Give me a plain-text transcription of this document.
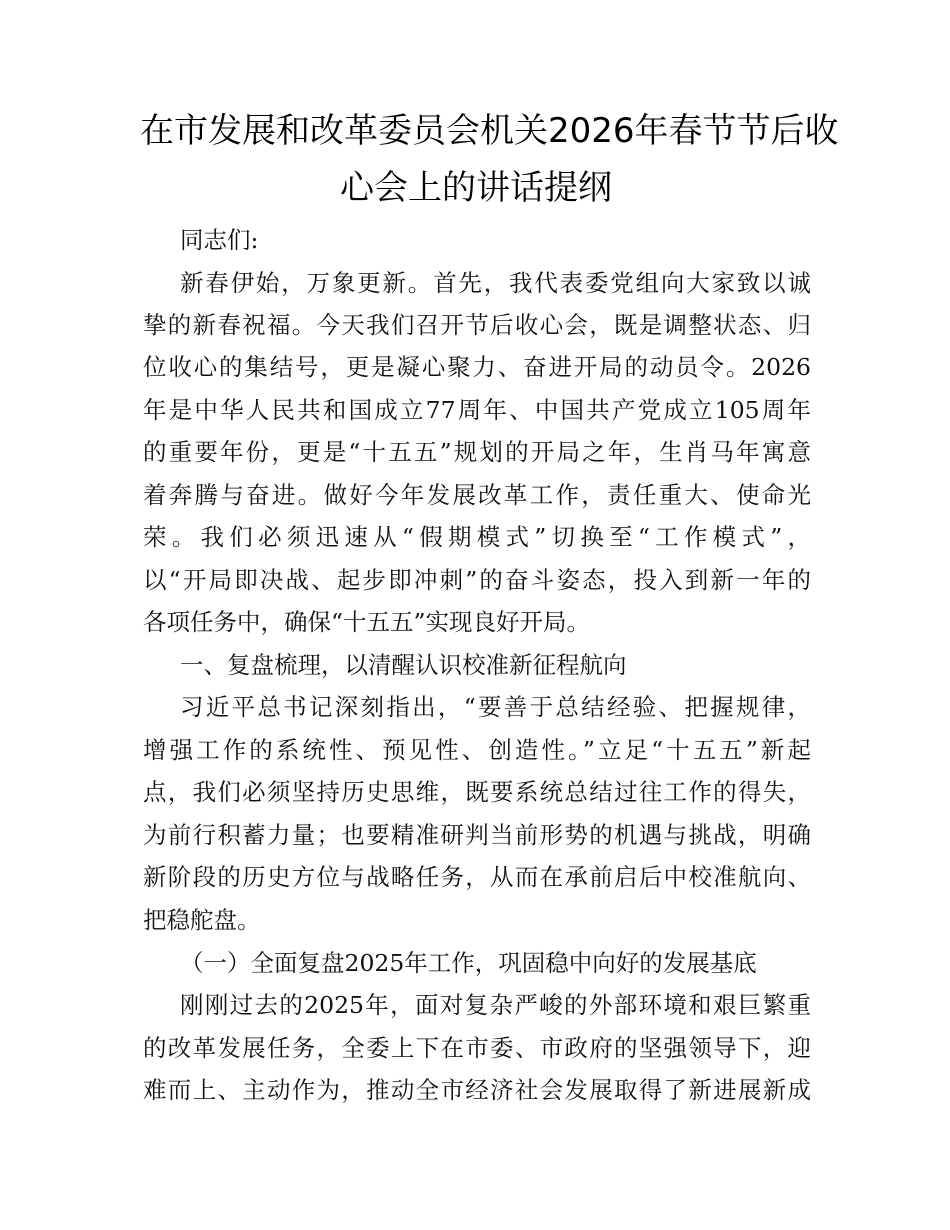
在市发展和改革委员会机关2026年春节节后收
心会上的讲话提纲
同志们:
新春伊始，万象更新。首先，我代表委党组向大家致以诚
挚的新春祝福。今天我们召开节后收心会，既是调整状态、归
位收心的集结号，更是凝心聚力、奋进开局的动员令。2026
年是中华人民共和国成立77周年、中国共产党成立105周年
的重要年份，更是“十五五”规划的开局之年，生肖马年寓意
着奔腾与奋进。做好今年发展改革工作，责任重大、使命光
荣。我们必须迅速从“假期模式”切换至“工作模式”，
以“开局即决战、起步即冲刺”的奋斗姿态，投入到新一年的
各项任务中，确保“十五五”实现良好开局。
一、复盘梳理，以清醒认识校准新征程航向
习近平总书记深刻指出，“要善于总结经验、把握规律，
增强工作的系统性、预见性、创造性。”立足“十五五”新起
点，我们必须坚持历史思维，既要系统总结过往工作的得失，
为前行积蓄力量；也要精准研判当前形势的机遇与挑战，明确
新阶段的历史方位与战略任务，从而在承前启后中校准航向、
把稳舵盘。
（一）全面复盘2025年工作，巩固稳中向好的发展基底
刚刚过去的2025年，面对复杂严峻的外部环境和艰巨繁重
的改革发展任务，全委上下在市委、市政府的坚强领导下，迎
难而上、主动作为，推动全市经济社会发展取得了新进展新成
